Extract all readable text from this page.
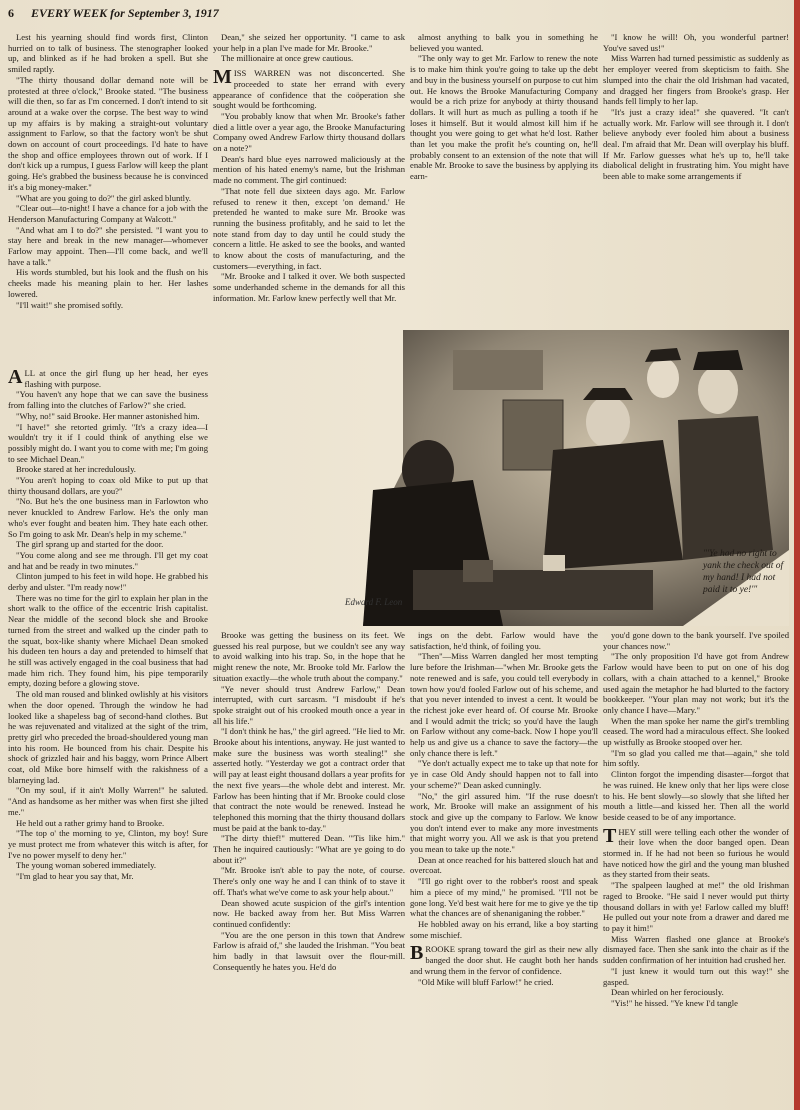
6 EVERY WEEK for September 3, 1917

Lest his yearning should find words first, Clinton hurried on to talk of business. The stenographer looked up, and blinked as if he had broken a spell. But she smiled raptly.

"The thirty thousand dollar demand note will be protested at three o'clock," Brooke stated. "The business will die then, so far as I'm concerned. I don't intend to sit around at a wake over the corpse. The best way to wind up my affairs is by making a straight-out voluntary assignment to Farlow, so that the factory won't be shut down on account of court proceedings. I'd hate to have the shop and office employees thrown out of work. If I don't kick up a rumpus, I guess Farlow will keep the plant going. He's grabbed the business because he is convinced it's a big money-maker."

"What are you going to do?" the girl asked bluntly.

"Clear out—to-night! I have a chance for a job with the Henderson Manufacturing Company at Walcott."

"And what am I to do?" she persisted. "I want you to stay here and break in the new manager—whomever Farlow may appoint. Then—I'll come back, and we'll have a talk."

His words stumbled, but his look and the flush on his cheeks made his meaning plain to her. Her lashes lowered.

"I'll wait!" she promised softly.

A LL at once the girl flung up her head, her eyes flashing with purpose.

"You haven't any hope that we can save the business from falling into the clutches of Farlow?" she cried.

"Why, no!" said Brooke. Her manner astonished him.

"I have!" she retorted grimly. "It's a crazy idea—I wouldn't try it if I could think of anything else we possibly might do. I want you to come with me; I'm going to see Michael Dean."

Brooke stared at her incredulously.

"You aren't hoping to coax old Mike to put up that thirty thousand dollars, are you?"

"No. But he's the one business man in Farlowton who never knuckled to Andrew Farlow. He's the only man who's ever fought and beaten him. They hate each other. So I'm going to ask Mr. Dean's help in my scheme."

The girl sprang up and started for the door.

"You come along and see me through. I'll get my coat and hat and be ready in two minutes."

Clinton jumped to his feet in wild hope. He grabbed his derby and ulster. "I'm ready now!"

There was no time for the girl to explain her plan in the short walk to the office of the eccentric Irish capitalist. Near the middle of the second block she and Brooke turned from the street and walked up the cinder path to the squat, box-like shanty where Michael Dean smoked his dudeen ten hours a day and pretended to himself that he still was actively engaged in the coal business that had made him rich. They found him, his pipe temporarily empty, dozing before a glowing stove.

The old man roused and blinked owlishly at his visitors when the door opened. Through the window he had looked like a shapeless bag of second-hand clothes. But he was rejuvenated and vitalized at the sight of the trim, pretty girl who preceded the broad-shouldered young man into his room. He bounced from his chair. Despite his shock of grizzled hair and his baggy, worn Prince Albert coat, old Mike bore himself with the rakishness of a blarneying lad.

"On my soul, if it ain't Molly Warren!" he saluted. "And as handsome as her mither was when first she jilted me."

He held out a rather grimy hand to Brooke.

"The top o' the morning to ye, Clinton, my boy! Sure ye must protect me from whatever this witch is after, for I've no power myself to deny her."

The young woman sobered immediately.

"I'm glad to hear you say that, Mr.

Dean," she seized her opportunity. "I came to ask your help in a plan I've made for Mr. Brooke."

The millionaire at once grew cautious.

M ISS WARREN was not disconcerted. She proceeded to state her errand with every appearance of confidence that the coöperation she sought would be forthcoming.

"You probably know that when Mr. Brooke's father died a little over a year ago, the Brooke Manufacturing Company owed Andrew Farlow thirty thousand dollars on a note?"

Dean's hard blue eyes narrowed maliciously at the mention of his hated enemy's name, but the Irishman made no comment. The girl continued:

"That note fell due sixteen days ago. Mr. Farlow refused to renew it then, except 'on demand.' He pretended he wanted to make sure Mr. Brooke was running the business profitably, and he said to let the note stand from day to day until he could study the concern a little. He asked to see the books, and wanted to know about the costs of manufacturing, and the customers—everything, in fact.

"Mr. Brooke and I talked it over. We both suspected some underhanded scheme in the demands for all this information. Mr. Farlow knew perfectly well that Mr.

almost anything to balk you in something he believed you wanted.

"The only way to get Mr. Farlow to renew the note is to make him think you're going to take up the debt and buy in the business yourself on purpose to cut him out. He knows the Brooke Manufacturing Company would be a rich prize for anybody at thirty thousand dollars. It will hurt as much as pulling a tooth if he loses it himself. But it would almost kill him if he thought you were going to get what he'd lost. Rather than let you make the profit he's counting on, he'll probably consent to an extension of the note that will enable Mr. Brooke to save the business by applying its earn-

"I know he will! Oh, you wonderful partner! You've saved us!"

Miss Warren had turned pessimistic as suddenly as her employer veered from skepticism to faith. She slumped into the chair the old Irishman had vacated, and dragged her fingers from Brooke's grasp. Her hands fell limply to her lap.

"It's just a crazy idea!" she quavered. "It can't actually work. Mr. Farlow will see through it. I don't believe anybody ever fooled him about a business deal. I'm afraid that Mr. Dean will overplay his bluff. If Mr. Farlow guesses what he's up to, he'll take diabolical delight in frustrating him. You might have been able to make some arrangements if

Edward F. Leon
"'Ye had no right to yank the check out of my hand! I had not paid it to ye!'"

Brooke was getting the business on its feet. We guessed his real purpose, but we couldn't see any way to avoid walking into his trap. So, in the hope that he might renew the note, Mr. Brooke told Mr. Farlow the situation exactly—the whole truth about the company."

"Ye never should trust Andrew Farlow," Dean interrupted, with curt sarcasm. "I misdoubt if he's spoke straight out of his crooked mouth once a year in all his life."

"I don't think he has," the girl agreed. "He lied to Mr. Brooke about his intentions, anyway. He just wanted to make sure the business was worth stealing!" she asserted hotly. "Yesterday we got a contract order that will pay at least eight thousand dollars a year profits for the next five years—the whole debt and interest. Mr. Farlow has been hinting that if Mr. Brooke could close that contract the note would be renewed. Instead he telephoned this morning that the thirty thousand dollars must be paid at the bank to-day."

"The dirty thief!" muttered Dean. "'Tis like him." Then he inquired cautiously: "What are ye going to do about it?"

"Mr. Brooke isn't able to pay the note, of course. There's only one way he and I can think of to stave it off. That's what we've come to ask your help about."

Dean showed acute suspicion of the girl's intention now. He backed away from her. But Miss Warren continued confidently:

"You are the one person in this town that Andrew Farlow is afraid of," she lauded the Irishman. "You beat him badly in that lawsuit over the flour-mill. Consequently he hates you. He'd do

ings on the debt. Farlow would have the satisfaction, he'd think, of foiling you.

"Then"—Miss Warren dangled her most tempting lure before the Irishman—"when Mr. Brooke gets the note renewed and is safe, you could tell everybody in town how you'd fooled Farlow out of his scheme, and that you never intended to invest a cent. It would be the richest joke ever heard of. Of course Mr. Brooke and I would admit the trick; so you'd have the laugh on Farlow without any come-back. Now I hope you'll help us and give us a chance to save the factory—the only chance there is left."

"Ye don't actually expect me to take up that note for ye in case Old Andy should happen not to fall into your scheme?" Dean asked cunningly.

"No," the girl assured him. "If the ruse doesn't work, Mr. Brooke will make an assignment of his stock and give up the company to Farlow. We know you don't intend ever to make any more investments that might worry you. All we ask is that you pretend you mean to take up the note."

Dean at once reached for his battered slouch hat and overcoat.

"I'll go right over to the robber's roost and speak him a piece of my mind," he promised. "I'll not be gone long. Ye'd best wait here for me to give ye the tip what the chances are of shenaniganing the robber."

He hobbled away on his errand, like a boy starting some mischief.

B ROOKE sprang toward the girl as their new ally banged the door shut. He caught both her hands and wrung them in the fervor of confidence.

"Old Mike will bluff Farlow!" he cried.

you'd gone down to the bank yourself. I've spoiled your chances now."

"The only proposition I'd have got from Andrew Farlow would have been to put on one of his dog collars, with a chain attached to a kennel," Brooke used again the metaphor he had blurted to the factory bookkeeper. "Your plan may not work; but it's the only chance I have—Mary."

When the man spoke her name the girl's trembling ceased. The word had a miraculous effect. She looked up wistfully as Brooke stooped over her.

"I'm so glad you called me that—again," she told him softly.

Clinton forgot the impending disaster—forgot that he was ruined. He knew only that her lips were close to his. He bent slowly—so slowly that she lifted her mouth a little—and kissed her. Then all the world beside ceased to be of any importance.

T HEY still were telling each other the wonder of their love when the door banged open. Dean stormed in. If he had not been so furious he would have noticed how the girl and the young man blushed as they started from their seats.

"The spalpeen laughed at me!" the old Irishman raged to Brooke. "He said I never would put thirty thousand dollars in with ye! Farlow called my bluff! He pulled out your note from a drawer and dared me to pay it him!"

Miss Warren flashed one glance at Brooke's dismayed face. Then she sank into the chair as if the sudden confirmation of her intuition had crushed her.

"I just knew it would turn out this way!" she gasped.

Dean whirled on her ferociously.

"Yis!" he hissed. "Ye knew I'd tangle
